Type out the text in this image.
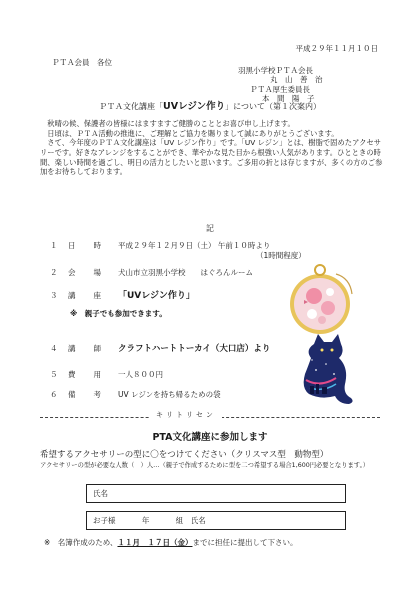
平成２９年１１月１０日
ＰＴＡ会員　各位
羽黒小学校ＰＴＡ会長
丸　山　善　治
ＰＴＡ厚生委員長
本　間　陽　子
ＰＴＡ文化講座「UVレジン作り」について（第１次案内）

秋晴の候、保護者の皆様にはますますご健勝のこととお喜び申し上げます。

日頃は、ＰＴＡ活動の推進に、ご理解とご協力を賜りまして誠にありがとうございます。

さて、今年度のＰＴＡ文化講座は「UV レジン作り」です。「UV レジン」とは、樹脂で固めたアクセサリーです。好きなアレンジをすることができ、華やかな見た目から根強い人気があります。ひとときの時間、楽しい時間を過ごし、明日の活力としたいと思います。ご多用の折とは存じますが、多くの方のご参加をお待ちしております。

記
１	日　　時	平成２９年１２月９日（土） 午前１０時より
（1時間程度）
２	会　　場	犬山市立羽黒小学校　　はぐろんルーム
３	講　　座	「UVレジン作り」
※　親子でも参加できます。
４	講　　師	クラフトハートトーカイ（大口店）より
５	費　　用	一人８００円
６	備　　考	UV レジンを持ち帰るための袋
キリトリセン
PTA文化講座に参加します
希望するアクセサリーの型に〇をつけてください（クリスマス型　動物型）
アクセサリーの型が必要な人数（　）人…（親子で作成するために型を二つ希望する場合1,600円必要となります。）
氏名
お子様	年	組　氏名
※　名簿作成のため、１１月　１７日（金）までに担任に提出して下さい。
